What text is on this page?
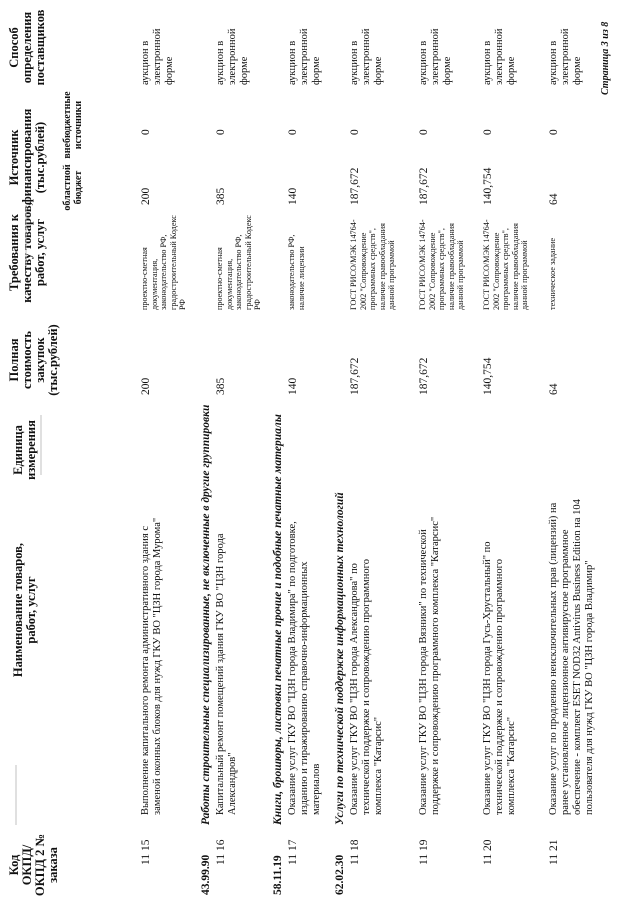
Код ОКПД/ ОКПД 2 № заказа
Наименование товаров, работ, услуг
Единица измерения
Полная стоимость закупок (тыс.рублей)
Требования к качеству товаров, работ, услуг
Источник финансирования (тыс.рублей) областной бюджет
внебюджетные источники
Способ определения поставщиков
11 15
Выполнение капитального ремонта административного здания с заменой оконных блоков для нужд ГКУ ВО "ЦЗН города Мурома"
200
проектно-сметная документация, законодательство РФ, градостроительный Кодекс РФ
200
0
аукцион в электронной форме
43.99.90
Работы строительные специализированные, не включенные в другие группировки
11 16
Капитальный ремонт помещений здания ГКУ ВО "ЦЗН города Александров"
385
проектно-сметная документация, законодательство РФ, градостроительный Кодекс РФ
385
0
аукцион в электронной форме
58.11.19
Книги, брошюры, листовки печатные прочие и подобные печатные материалы
11 17
Оказание услуг ГКУ ВО "ЦЗН города Владимира" по подготовке, изданию и тиражированию справочно-информационных материалов
140
законодательство РФ, наличие лицензии
140
0
аукцион в электронной форме
62.02.30
Услуги по технической поддержке информационных технологий
11 18
Оказание услуг ГКУ ВО "ЦЗН города Александрова" по технической поддержке и сопровождению программного комплекса "Катарсис"
187,672
ГОСТ РИСО/МЭК 14764-2002 "Сопровождение программных средств", наличие правообладания данной программой
187,672
0
аукцион в электронной форме
11 19
Оказание услуг ГКУ ВО "ЦЗН города Вязники" по технической поддержке и сопровождению программного комплекса "Катарсис"
187,672
ГОСТ РИСО/МЭК 14764-2002 "Сопровождение программных средств", наличие правообладания данной программой
187,672
0
аукцион в электронной форме
11 20
Оказание услуг ГКУ ВО "ЦЗН города Гусь-Хрустальный" по технической поддержке и сопровождению программного комплекса "Катарсис"
140,754
ГОСТ РИСО/МЭК 14764-2002 "Сопровождение программных средств", наличие правообладания данной программой
140,754
0
аукцион в электронной форме
11 21
Оказание услуг по продлению неисключительных прав (лицензий) на ранее установленное лицензионное антивирусное программное обеспечение - комплект ESET NOD32 Antivirus Business Edition на 104 пользователя для нужд ГКУ ВО "ЦЗН города Владимир"
64
техническое задание
64
0
аукцион в электронной форме Страница 3 из 8
